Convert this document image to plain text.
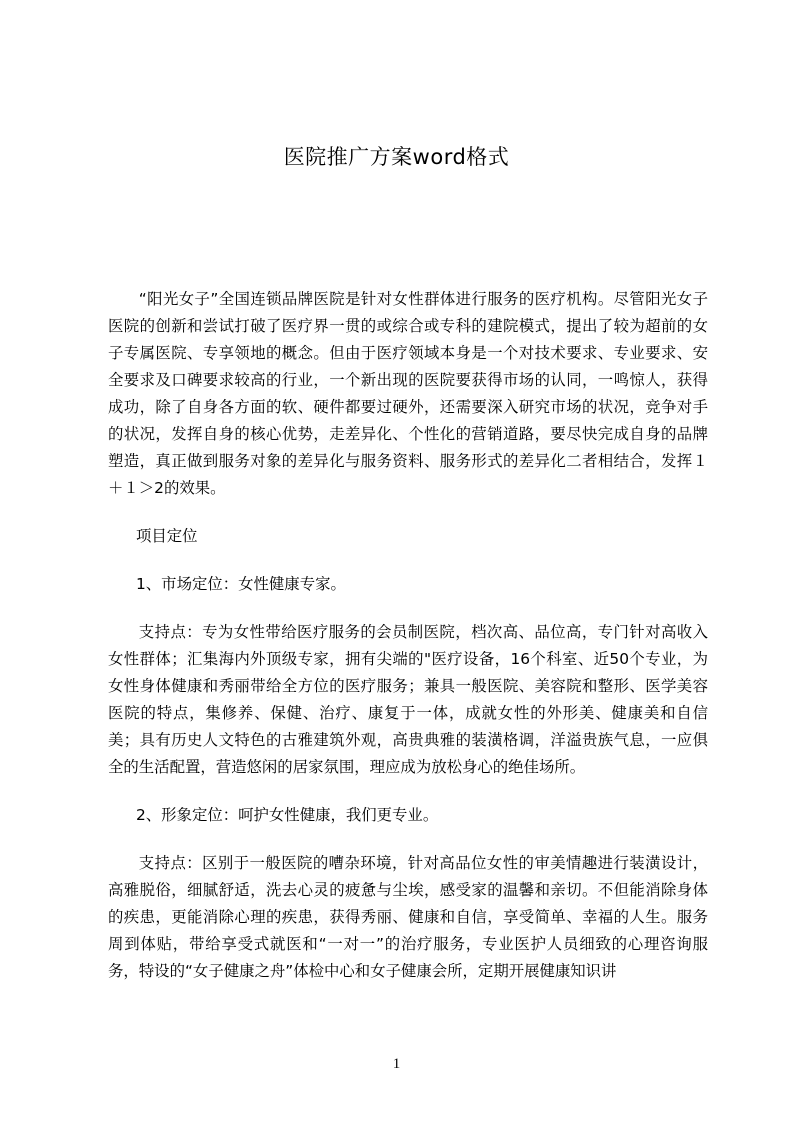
医院推广方案word格式

“阳光女子”全国连锁品牌医院是针对女性群体进行服务的医疗机构。尽管阳光女子医院的创新和尝试打破了医疗界一贯的或综合或专科的建院模式，提出了较为超前的女子专属医院、专享领地的概念。但由于医疗领域本身是一个对技术要求、专业要求、安全要求及口碑要求较高的行业，一个新出现的医院要获得市场的认同，一鸣惊人，获得成功，除了自身各方面的软、硬件都要过硬外，还需要深入研究市场的状况，竞争对手的状况，发挥自身的核心优势，走差异化、个性化的营销道路，要尽快完成自身的品牌塑造，真正做到服务对象的差异化与服务资料、服务形式的差异化二者相结合，发挥１＋１＞2的效果。

项目定位

1、市场定位：女性健康专家。

支持点：专为女性带给医疗服务的会员制医院，档次高、品位高，专门针对高收入女性群体；汇集海内外顶级专家，拥有尖端的"医疗设备，16个科室、近50个专业，为女性身体健康和秀丽带给全方位的医疗服务；兼具一般医院、美容院和整形、医学美容医院的特点，集修养、保健、治疗、康复于一体，成就女性的外形美、健康美和自信美；具有历史人文特色的古雅建筑外观，高贵典雅的装潢格调，洋溢贵族气息，一应俱全的生活配置，营造悠闲的居家氛围，理应成为放松身心的绝佳场所。

2、形象定位：呵护女性健康，我们更专业。

支持点：区别于一般医院的嘈杂环境，针对高品位女性的审美情趣进行装潢设计，高雅脱俗，细腻舒适，洗去心灵的疲惫与尘埃，感受家的温馨和亲切。不但能消除身体的疾患，更能消除心理的疾患，获得秀丽、健康和自信，享受简单、幸福的人生。服务周到体贴，带给享受式就医和“一对一”的治疗服务，专业医护人员细致的心理咨询服务，特设的“女子健康之舟”体检中心和女子健康会所，定期开展健康知识讲

1
